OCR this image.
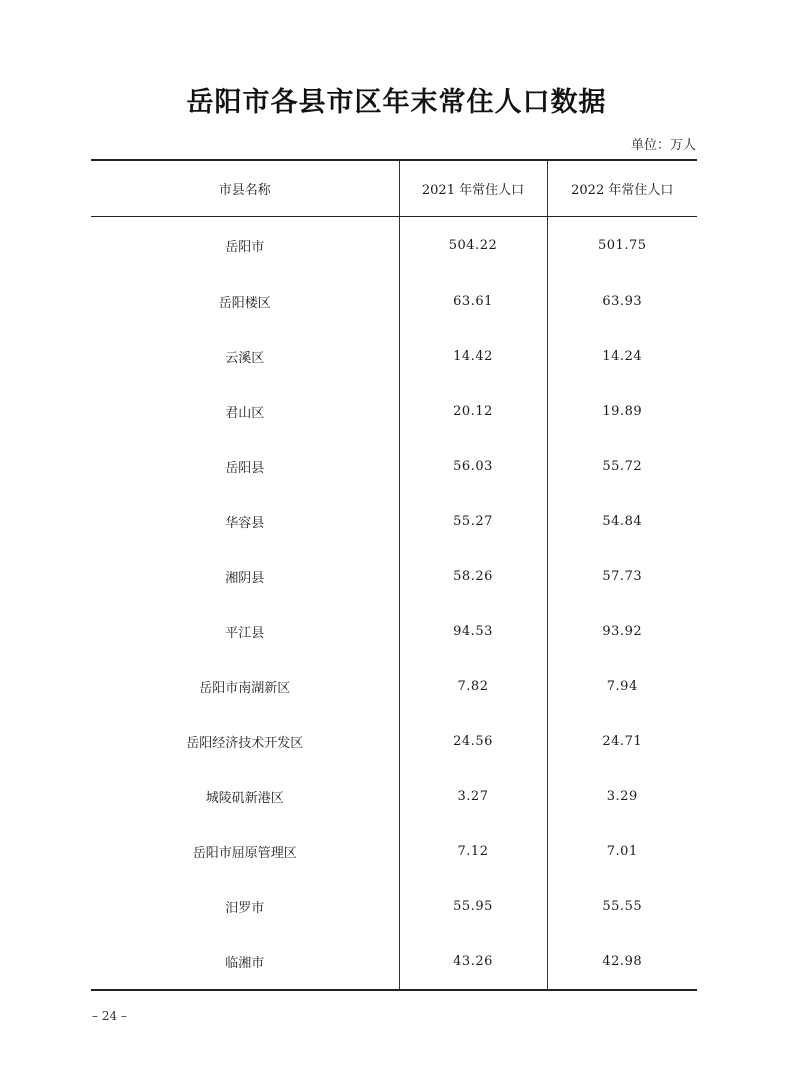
岳阳市各县市区年末常住人口数据
单位：万人
市县名称	2021 年常住人口	2022 年常住人口
岳阳市	504.22	501.75
岳阳楼区	63.61	63.93
云溪区	14.42	14.24
君山区	20.12	19.89
岳阳县	56.03	55.72
华容县	55.27	54.84
湘阴县	58.26	57.73
平江县	94.53	93.92
岳阳市南湖新区	7.82	7.94
岳阳经济技术开发区	24.56	24.71
城陵矶新港区	3.27	3.29
岳阳市屈原管理区	7.12	7.01
汨罗市	55.95	55.55
临湘市	43.26	42.98
– 24 –
